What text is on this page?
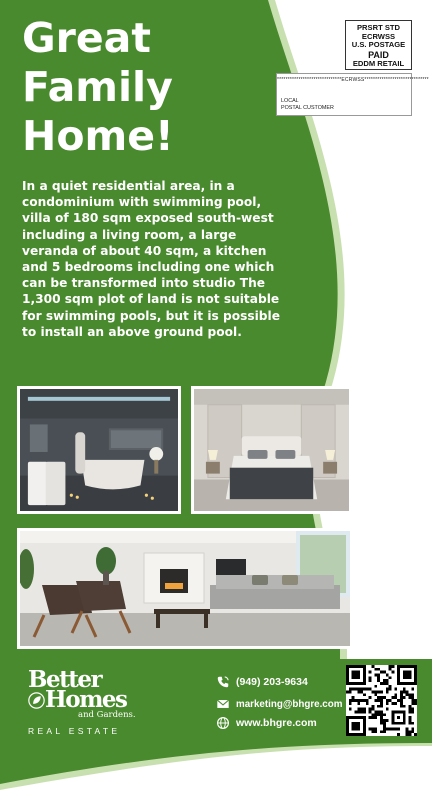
Great
Family
Home!

In a quiet residential area, in a condominium with swimming pool, villa of 180 sqm exposed south-west including a living room, a large veranda of about 40 sqm, a kitchen and 5 bedrooms including one which can be transformed into studio The 1,300 sqm plot of land is not suitable for swimming pools, but it is possible to install an above ground pool.

PRSRT STD
ECRWSS
U.S. POSTAGE
PAID
EDDM RETAIL
******************************ECRWSS******************************
LOCAL
POSTAL CUSTOMER
Better
Homes
and Gardens.
REAL ESTATE
(949) 203-9634
marketing@bhgre.com
www.bhgre.com
